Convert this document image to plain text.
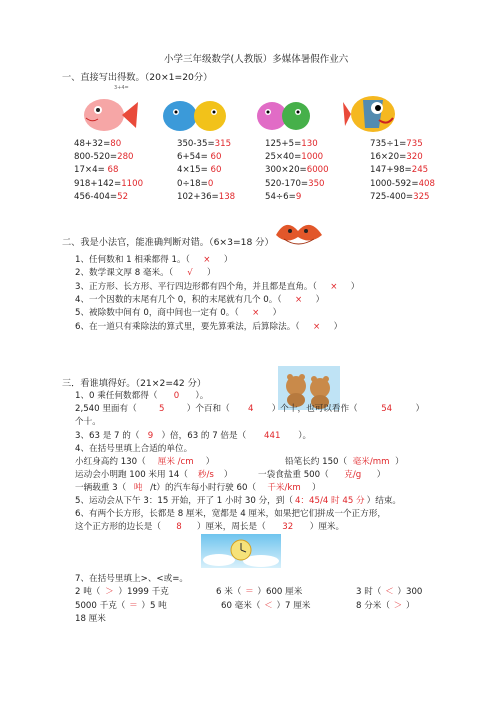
小学三年级数学(人教版）多媒体暑假作业六
一、直接写出得数。（20×1=20分）
3+4=
48+32=80	350-35=315	125+5=130	735÷1=735
800-520=280	6+54= 60	25×40=1000	16×20=320
17×4= 68	4×15= 60	300×20=6000	147+98=245
918+142=1100	0÷18=0	520-170=350	1000-592=408
456-404=52	102+36=138	54÷6=9	725-400=325
二、我是小法官，能准确判断对错。（6×3=18 分）
1、任何数和 1 相乘都得 1。（ × ）
2、数学课文厚 8 毫米。（ √ ）
3、正方形、长方形、平行四边形都有四个角，并且都是直角。（ × ）
4、一个因数的末尾有几个 0，积的末尾就有几个 0。（ × ）
5、被除数中间有 0，商中间也一定有 0。（ × ）
6、在一道只有乘除法的算式里，要先算乘法，后算除法。（ × ）
三．看谁填得好。（21×2=42 分）
1、0 乘任何数都得（ 0 ）。
2,540 里面有（	5	）个百和（ 4 ）个十，也可以看作（	54	）
个十。
3、63 是 7 的（ 9 ）倍，63 的 7 倍是（ 441 ）。
4、在括号里填上合适的单位。
小红身高约 130（ 厘米 /cm ）	铅笔长约 150（ 毫米/mm ）
运动会小明跑 100 米用 14（ 秒/s ）	一袋食盐重 500（ 克/g ）
一辆载重 3（ 吨 /t）的汽车每小时行驶 60（ 千米/km ）
5、运动会从下午 3：15 开始，开了 1 小时 30 分，到（ 4：45/4 时 45 分 ）结束。
6、有两个长方形，长都是 8 厘米，宽都是 4 厘米，如果把它们拼成一个正方形，
这个正方形的边长是（ 8 ）厘米，周长是（ 32 ）厘米。
7、在括号里填上>、<或=。
2 吨（ ＞ ）1999 千克	6 米（ ＝ ）600 厘米	3 时（ ＜ ）300
5000 千克（ ＝ ）5 吨	60 毫米（ ＜ ）7 厘米	8 分米（ ＞ ）
18 厘米
